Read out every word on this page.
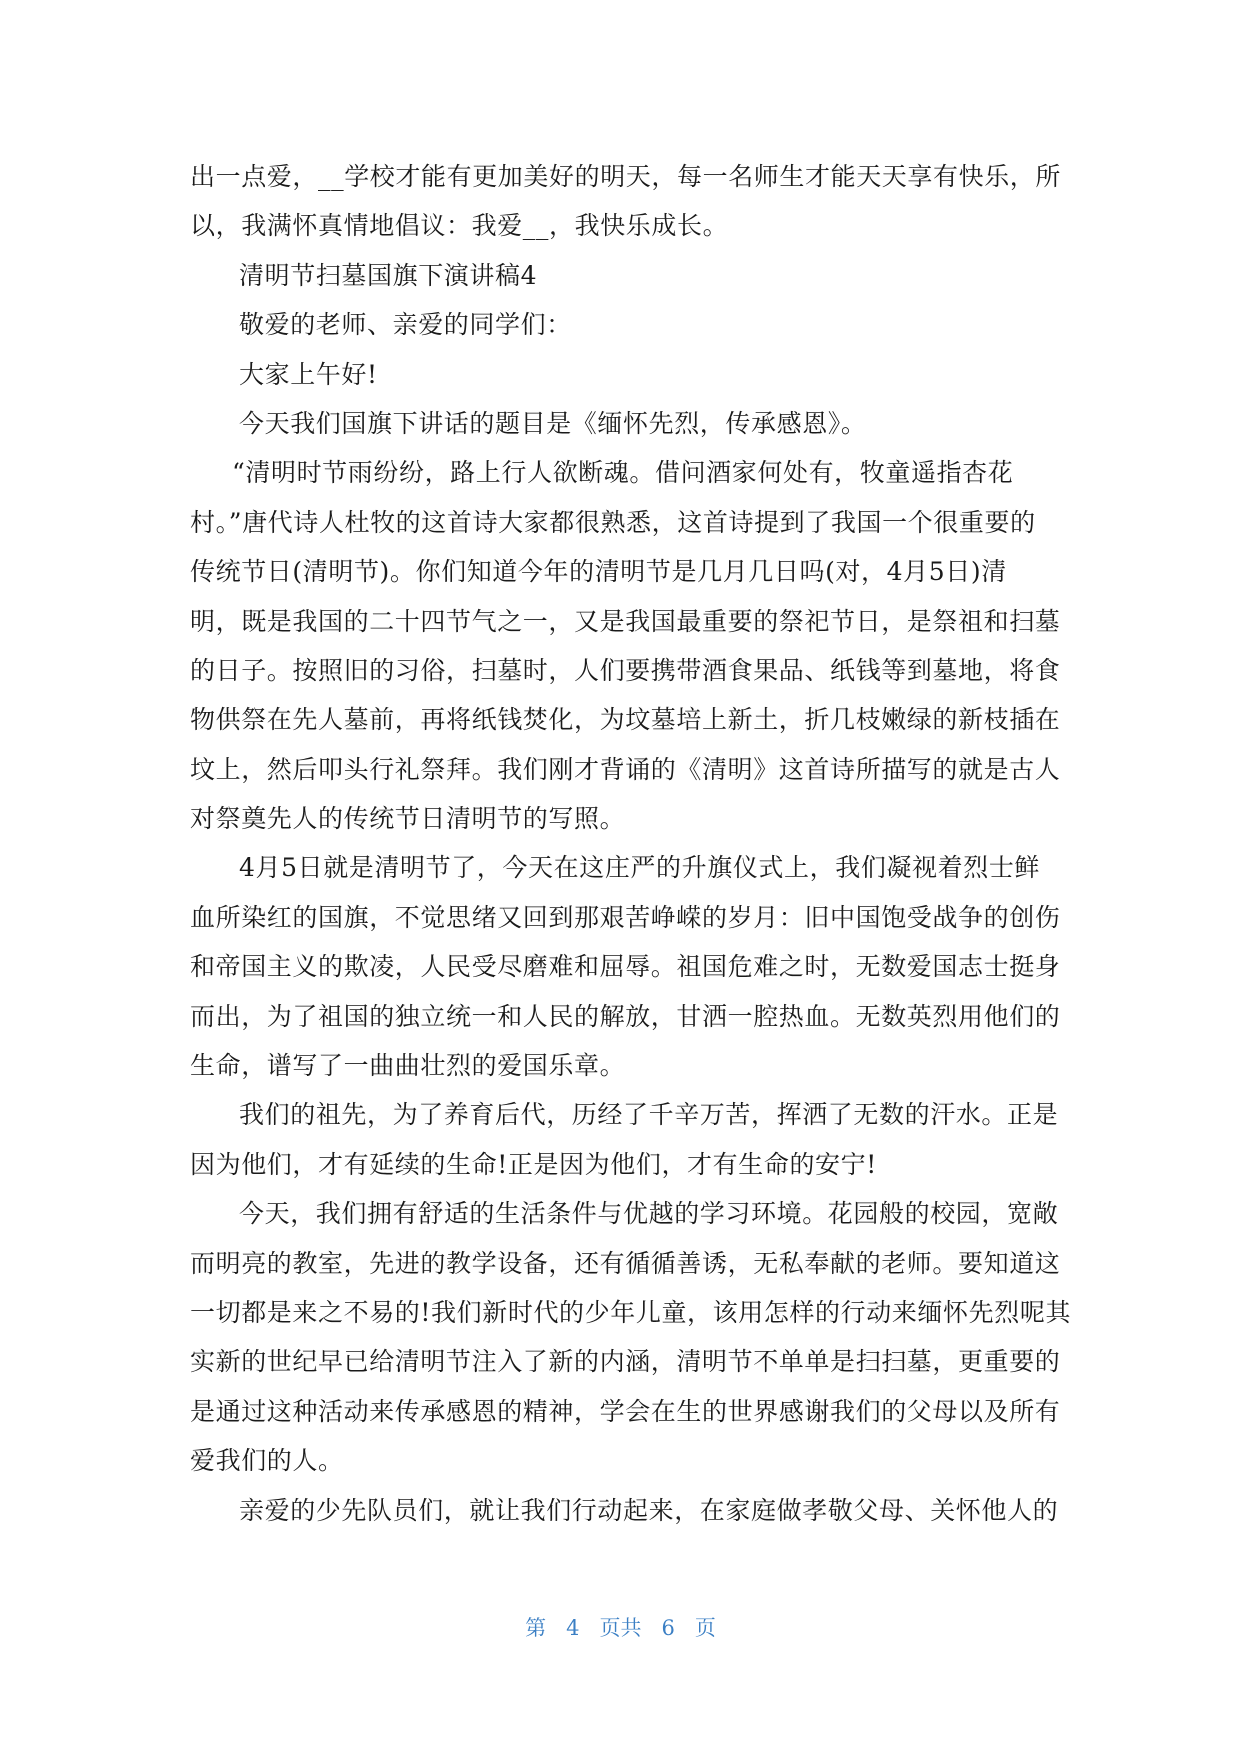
出一点爱，__学校才能有更加美好的明天，每一名师生才能天天享有快乐，所
以，我满怀真情地倡议：我爱__，我快乐成长。
清明节扫墓国旗下演讲稿4
敬爱的老师、亲爱的同学们：
大家上午好!
今天我们国旗下讲话的题目是《缅怀先烈，传承感恩》。
“清明时节雨纷纷，路上行人欲断魂。借问酒家何处有，牧童遥指杏花
村。”唐代诗人杜牧的这首诗大家都很熟悉，这首诗提到了我国一个很重要的
传统节日(清明节)。你们知道今年的清明节是几月几日吗(对，4月5日)清
明，既是我国的二十四节气之一，又是我国最重要的祭祀节日，是祭祖和扫墓
的日子。按照旧的习俗，扫墓时，人们要携带酒食果品、纸钱等到墓地，将食
物供祭在先人墓前，再将纸钱焚化，为坟墓培上新土，折几枝嫩绿的新枝插在
坟上，然后叩头行礼祭拜。我们刚才背诵的《清明》这首诗所描写的就是古人
对祭奠先人的传统节日清明节的写照。
4月5日就是清明节了，今天在这庄严的升旗仪式上，我们凝视着烈士鲜
血所染红的国旗，不觉思绪又回到那艰苦峥嵘的岁月：旧中国饱受战争的创伤
和帝国主义的欺凌，人民受尽磨难和屈辱。祖国危难之时，无数爱国志士挺身
而出，为了祖国的独立统一和人民的解放，甘洒一腔热血。无数英烈用他们的
生命，谱写了一曲曲壮烈的爱国乐章。
我们的祖先，为了养育后代，历经了千辛万苦，挥洒了无数的汗水。正是
因为他们，才有延续的生命!正是因为他们，才有生命的安宁!
今天，我们拥有舒适的生活条件与优越的学习环境。花园般的校园，宽敞
而明亮的教室，先进的教学设备，还有循循善诱，无私奉献的老师。要知道这
一切都是来之不易的!我们新时代的少年儿童，该用怎样的行动来缅怀先烈呢其
实新的世纪早已给清明节注入了新的内涵，清明节不单单是扫扫墓，更重要的
是通过这种活动来传承感恩的精神，学会在生的世界感谢我们的父母以及所有
爱我们的人。
亲爱的少先队员们，就让我们行动起来，在家庭做孝敬父母、关怀他人的
第 4 页共 6 页
